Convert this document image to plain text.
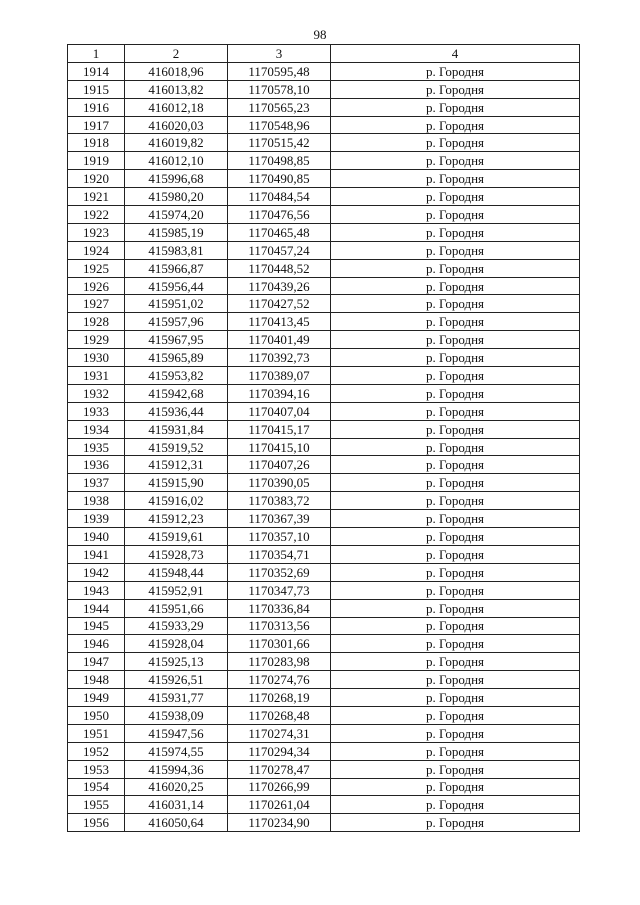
98
1	2	3	4
1914	416018,96	1170595,48	р. Городня
1915	416013,82	1170578,10	р. Городня
1916	416012,18	1170565,23	р. Городня
1917	416020,03	1170548,96	р. Городня
1918	416019,82	1170515,42	р. Городня
1919	416012,10	1170498,85	р. Городня
1920	415996,68	1170490,85	р. Городня
1921	415980,20	1170484,54	р. Городня
1922	415974,20	1170476,56	р. Городня
1923	415985,19	1170465,48	р. Городня
1924	415983,81	1170457,24	р. Городня
1925	415966,87	1170448,52	р. Городня
1926	415956,44	1170439,26	р. Городня
1927	415951,02	1170427,52	р. Городня
1928	415957,96	1170413,45	р. Городня
1929	415967,95	1170401,49	р. Городня
1930	415965,89	1170392,73	р. Городня
1931	415953,82	1170389,07	р. Городня
1932	415942,68	1170394,16	р. Городня
1933	415936,44	1170407,04	р. Городня
1934	415931,84	1170415,17	р. Городня
1935	415919,52	1170415,10	р. Городня
1936	415912,31	1170407,26	р. Городня
1937	415915,90	1170390,05	р. Городня
1938	415916,02	1170383,72	р. Городня
1939	415912,23	1170367,39	р. Городня
1940	415919,61	1170357,10	р. Городня
1941	415928,73	1170354,71	р. Городня
1942	415948,44	1170352,69	р. Городня
1943	415952,91	1170347,73	р. Городня
1944	415951,66	1170336,84	р. Городня
1945	415933,29	1170313,56	р. Городня
1946	415928,04	1170301,66	р. Городня
1947	415925,13	1170283,98	р. Городня
1948	415926,51	1170274,76	р. Городня
1949	415931,77	1170268,19	р. Городня
1950	415938,09	1170268,48	р. Городня
1951	415947,56	1170274,31	р. Городня
1952	415974,55	1170294,34	р. Городня
1953	415994,36	1170278,47	р. Городня
1954	416020,25	1170266,99	р. Городня
1955	416031,14	1170261,04	р. Городня
1956	416050,64	1170234,90	р. Городня
